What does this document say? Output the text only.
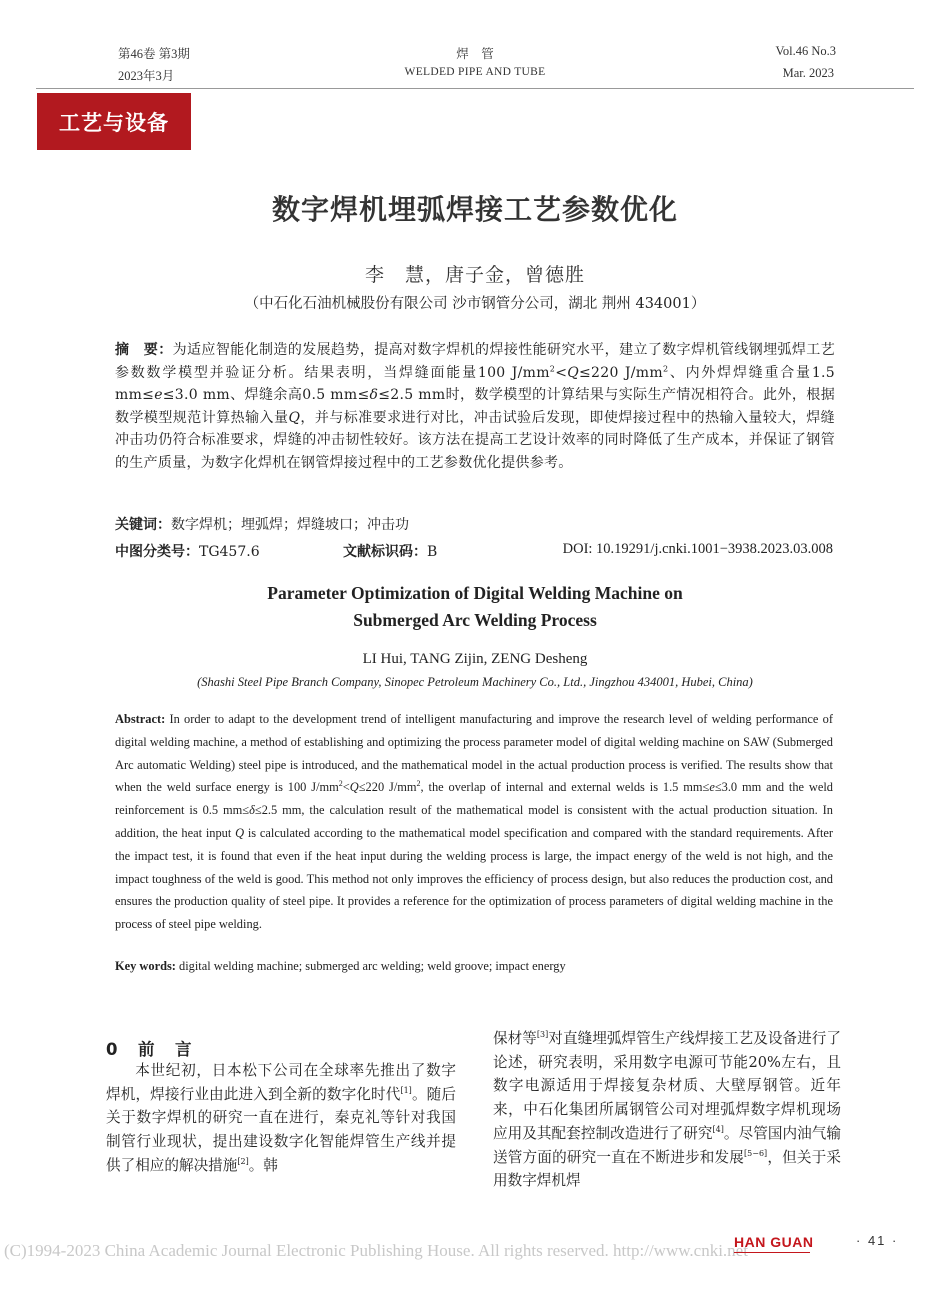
第46卷 第3期
2023年3月
焊　管
WELDED PIPE AND TUBE
Vol.46 No.3
Mar. 2023
工艺与设备
数字焊机埋弧焊接工艺参数优化
李　慧，唐子金，曾德胜
（中石化石油机械股份有限公司 沙市钢管分公司，湖北 荆州 434001）
摘　要：为适应智能化制造的发展趋势，提高对数字焊机的焊接性能研究水平，建立了数字焊机管线钢埋弧焊工艺参数数学模型并验证分析。结果表明，当焊缝面能量100 $J/mm^2<Q\le 220$ $J/mm^2$、内外焊焊缝重合量1.5 mm≤e≤3.0 mm、焊缝余高0.5 mm≤δ≤2.5 mm时，数学模型的计算结果与实际生产情况相符合。此外，根据数学模型规范计算热输入量Q，并与标准要求进行对比，冲击试验后发现，即使焊接过程中的热输入量较大，焊缝冲击功仍符合标准要求，焊缝的冲击韧性较好。该方法在提高工艺设计效率的同时降低了生产成本，并保证了钢管的生产质量，为数字化焊机在钢管焊接过程中的工艺参数优化提供参考。
关键词：数字焊机；埋弧焊；焊缝坡口；冲击功
中图分类号：TG457.6	文献标识码：B	DOI: 10.19291/j.cnki.1001−3938.2023.03.008
Parameter Optimization of Digital Welding Machine on
Submerged Arc Welding Process
LI Hui, TANG Zijin, ZENG Desheng
(Shashi Steel Pipe Branch Company, Sinopec Petroleum Machinery Co., Ltd., Jingzhou 434001, Hubei, China)
Abstract: In order to adapt to the development trend of intelligent manufacturing and improve the research level of welding performance of digital welding machine, a method of establishing and optimizing the process parameter model of digital welding machine on SAW (Submerged Arc automatic Welding) steel pipe is introduced, and the mathematical model in the actual production process is verified. The results show that when the weld surface energy is 100 $J/mm^2<Q\le 220$ $J/mm^2$, the overlap of internal and external welds is 1.5 mm≤e≤3.0 mm and the weld reinforcement is 0.5 mm≤δ≤2.5 mm, the calculation result of the mathematical model is consistent with the actual production situation. In addition, the heat input Q is calculated according to the mathematical model specification and compared with the standard requirements. After the impact test, it is found that even if the heat input during the welding process is large, the impact energy of the weld is not high, and the impact toughness of the weld is good. This method not only improves the efficiency of process design, but also reduces the production cost, and ensures the production quality of steel pipe. It provides a reference for the optimization of process parameters of digital welding machine in the process of steel pipe welding.
Key words: digital welding machine; submerged arc welding; weld groove; impact energy
0　前　言
本世纪初，日本松下公司在全球率先推出了数字焊机，焊接行业由此进入到全新的数字化时代[1]。随后关于数字焊机的研究一直在进行，秦克礼等针对我国制管行业现状，提出建设数字化智能焊管生产线并提供了相应的解决措施[2]。韩
保材等[3]对直缝埋弧焊管生产线焊接工艺及设备进行了论述，研究表明，采用数字电源可节能20%左右，且数字电源适用于焊接复杂材质、大壁厚钢管。近年来，中石化集团所属钢管公司对埋弧焊数字焊机现场应用及其配套控制改造进行了研究[4]。尽管国内油气输送管方面的研究一直在不断进步和发展[5−6]，但关于采用数字焊机焊
(C)1994-2023 China Academic Journal Electronic Publishing House. All rights reserved. http://www.cnki.net
HAN GUAN	· 41 ·
